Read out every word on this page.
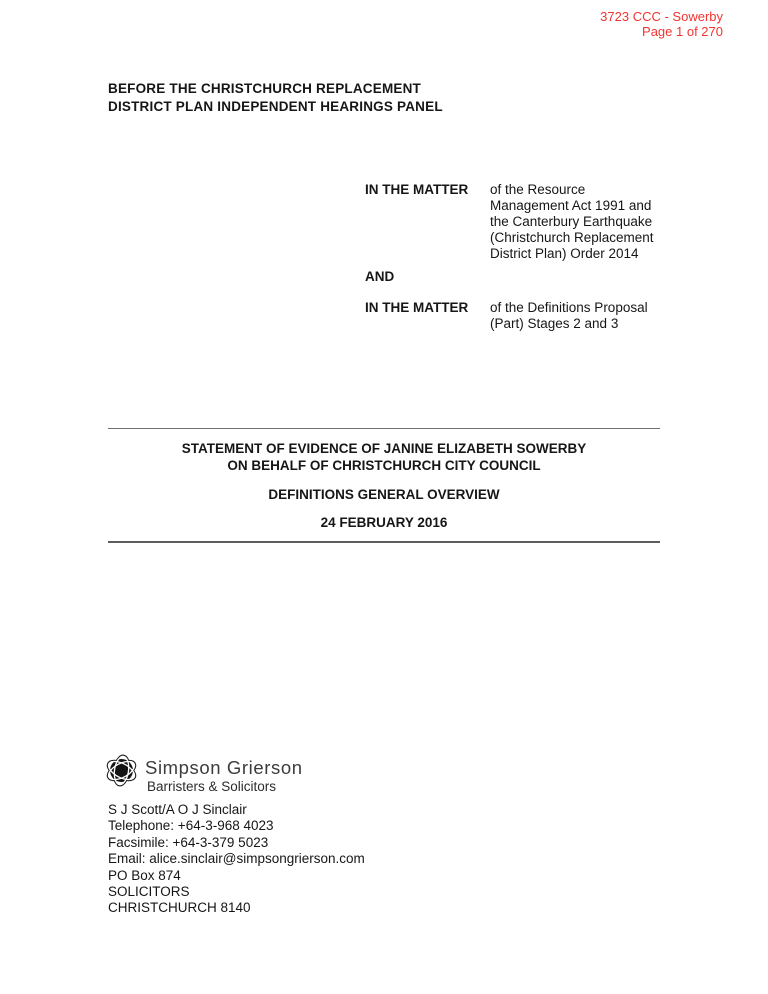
3723 CCC - Sowerby
Page 1 of 270
BEFORE THE CHRISTCHURCH REPLACEMENT
DISTRICT PLAN INDEPENDENT HEARINGS PANEL
IN THE MATTER of the Resource
Management Act 1991 and
the Canterbury Earthquake
(Christchurch Replacement
District Plan) Order 2014
AND
IN THE MATTER of the Definitions Proposal
(Part) Stages 2 and 3
STATEMENT OF EVIDENCE OF JANINE ELIZABETH SOWERBY
ON BEHALF OF CHRISTCHURCH CITY COUNCIL
DEFINITIONS GENERAL OVERVIEW
24 FEBRUARY 2016
Simpson Grierson
Barristers & Solicitors
S J Scott/A O J Sinclair
Telephone: +64-3-968 4023
Facsimile: +64-3-379 5023
Email: alice.sinclair@simpsongrierson.com
PO Box 874
SOLICITORS
CHRISTCHURCH 8140
